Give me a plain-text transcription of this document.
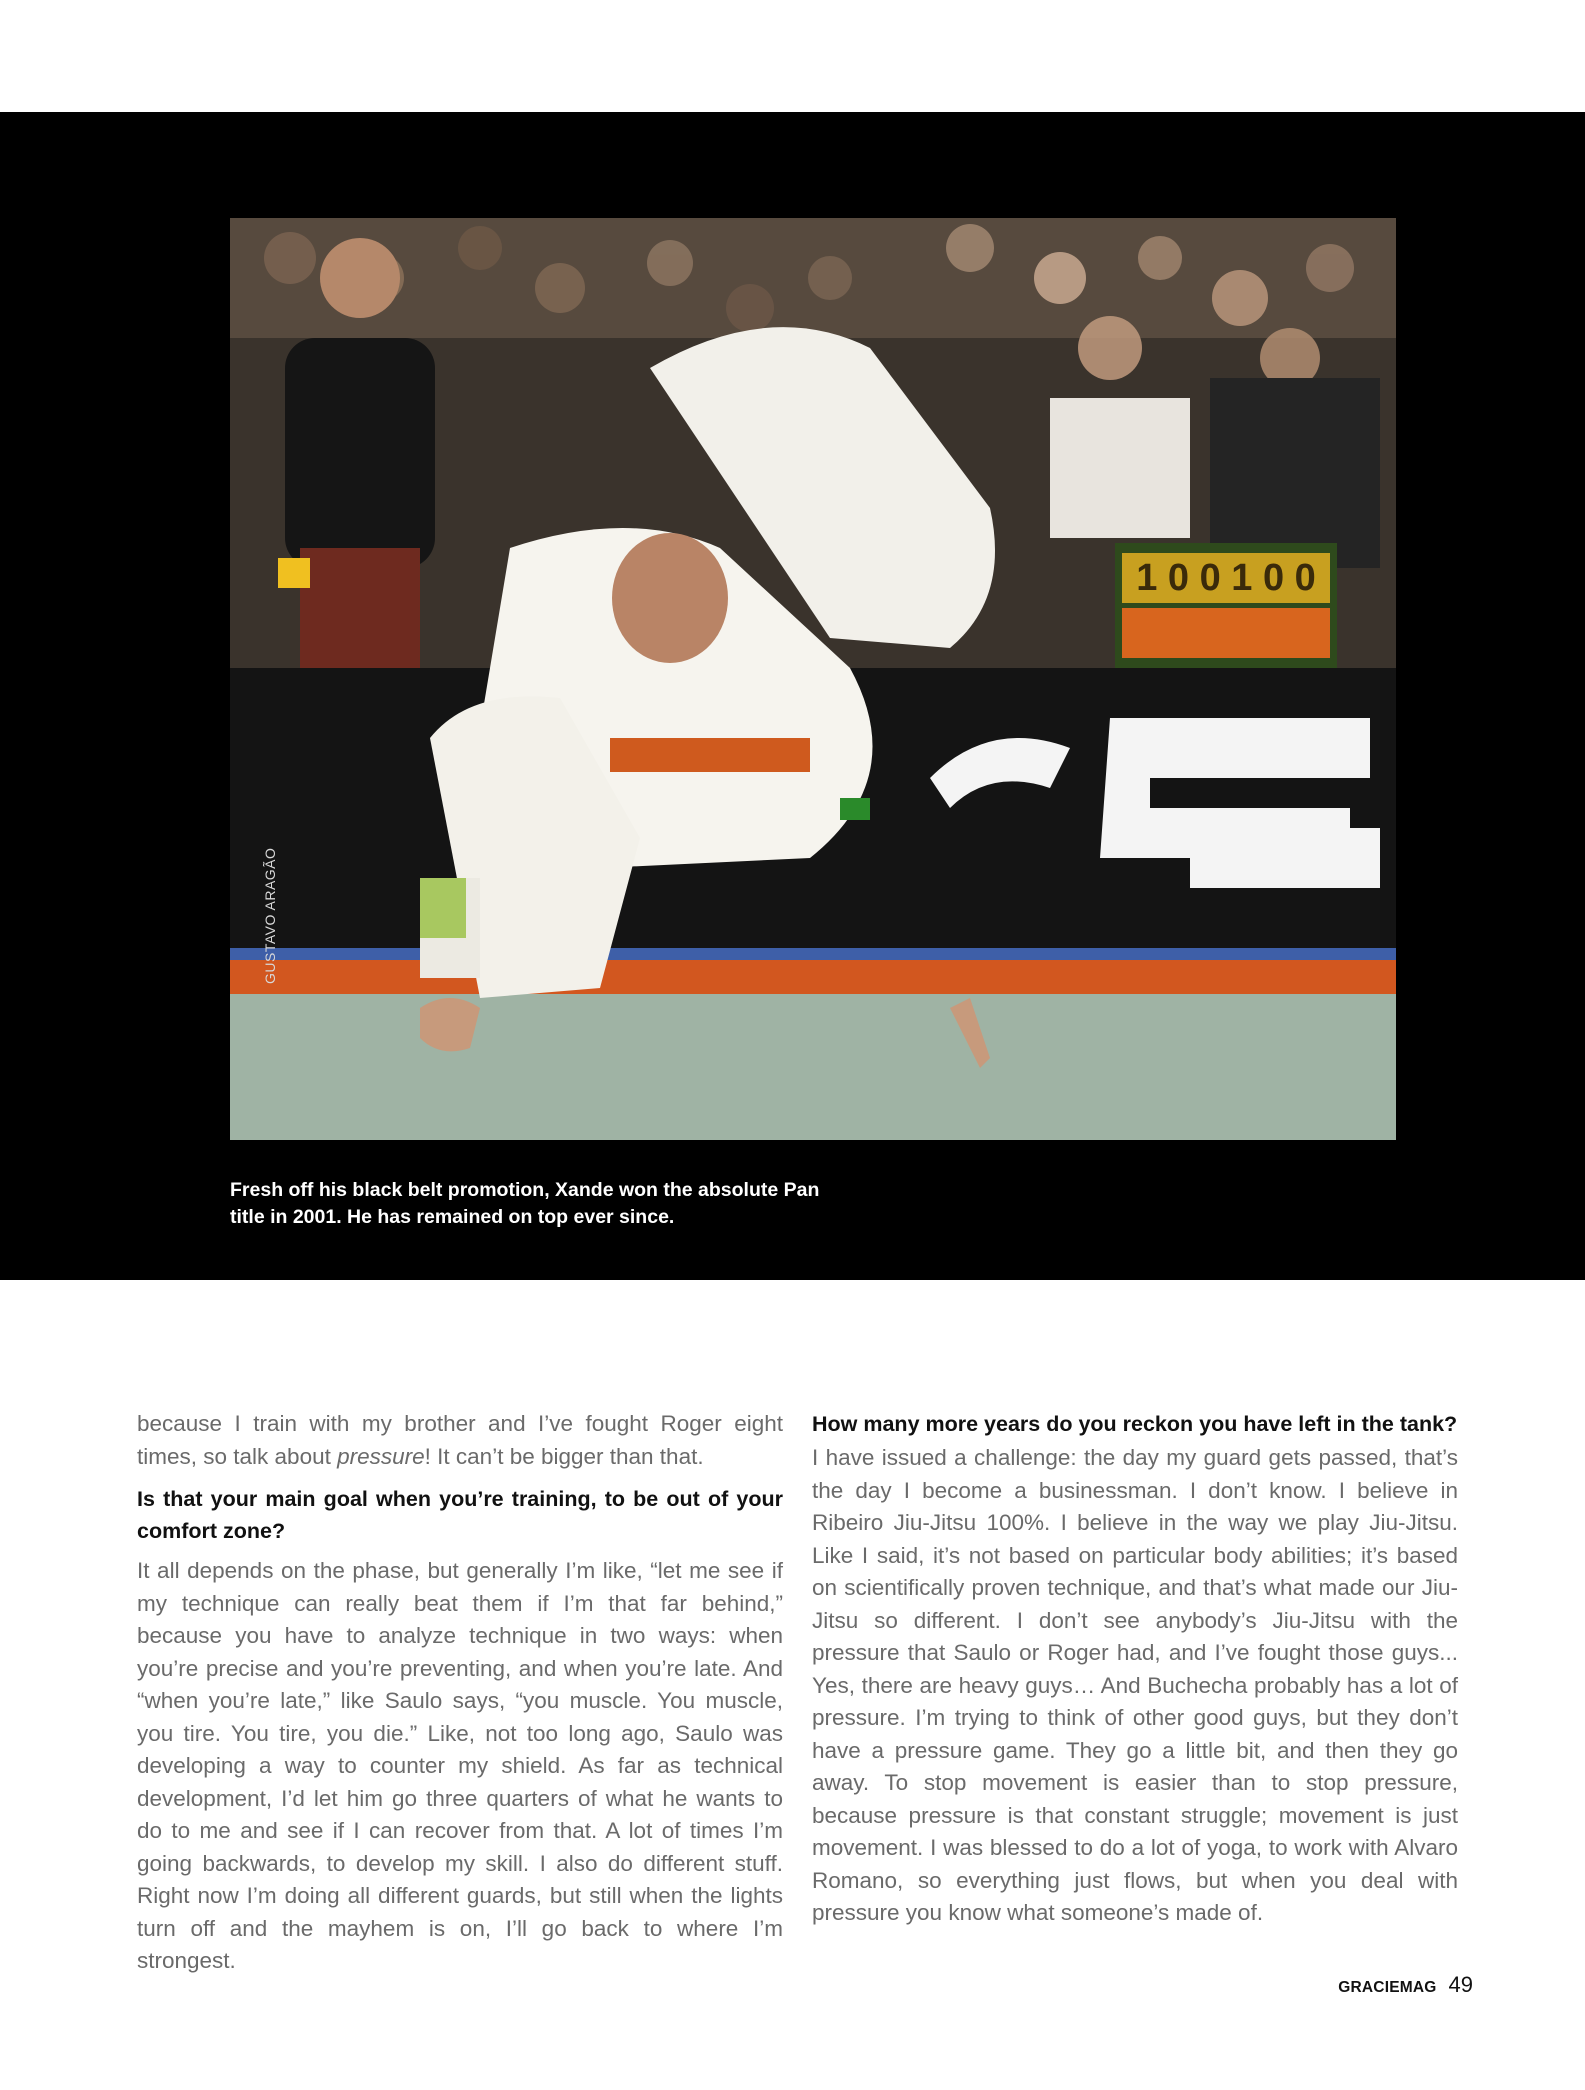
1 0 0 1 0 0
GUSTAVO ARAGÃO
Fresh off his black belt promotion, Xande won the absolute Pan
title in 2001. He has remained on top ever since.

because I train with my brother and I’ve fought Roger eight times, so talk about pressure! It can’t be bigger than that.

Is that your main goal when you’re training, to be out of your comfort zone?

It all depends on the phase, but generally I’m like, “let me see if my technique can really beat them if I’m that far behind,” because you have to analyze technique in two ways: when you’re precise and you’re preventing, and when you’re late. And “when you’re late,” like Saulo says, “you muscle. You muscle, you tire. You tire, you die.” Like, not too long ago, Saulo was developing a way to counter my shield. As far as technical development, I’d let him go three quarters of what he wants to do to me and see if I can recover from that. A lot of times I’m going backwards, to develop my skill. I also do different stuff. Right now I’m doing all different guards, but still when the lights turn off and the mayhem is on, I’ll go back to where I’m strongest.

How many more years do you reckon you have left in the tank?

I have issued a challenge: the day my guard gets passed, that’s the day I become a businessman. I don’t know. I believe in Ribeiro Jiu-Jitsu 100%. I believe in the way we play Jiu-Jitsu. Like I said, it’s not based on particular body abilities; it’s based on scientifically proven technique, and that’s what made our Jiu-Jitsu so different. I don’t see anybody’s Jiu-Jitsu with the pressure that Saulo or Roger had, and I’ve fought those guys... Yes, there are heavy guys… And Buchecha probably has a lot of pressure. I’m trying to think of other good guys, but they don’t have a pressure game. They go a little bit, and then they go away. To stop movement is easier than to stop pressure, because pressure is that constant struggle; movement is just movement. I was blessed to do a lot of yoga, to work with Alvaro Romano, so everything just flows, but when you deal with pressure you know what someone’s made of.

GRACIEMAG 49
